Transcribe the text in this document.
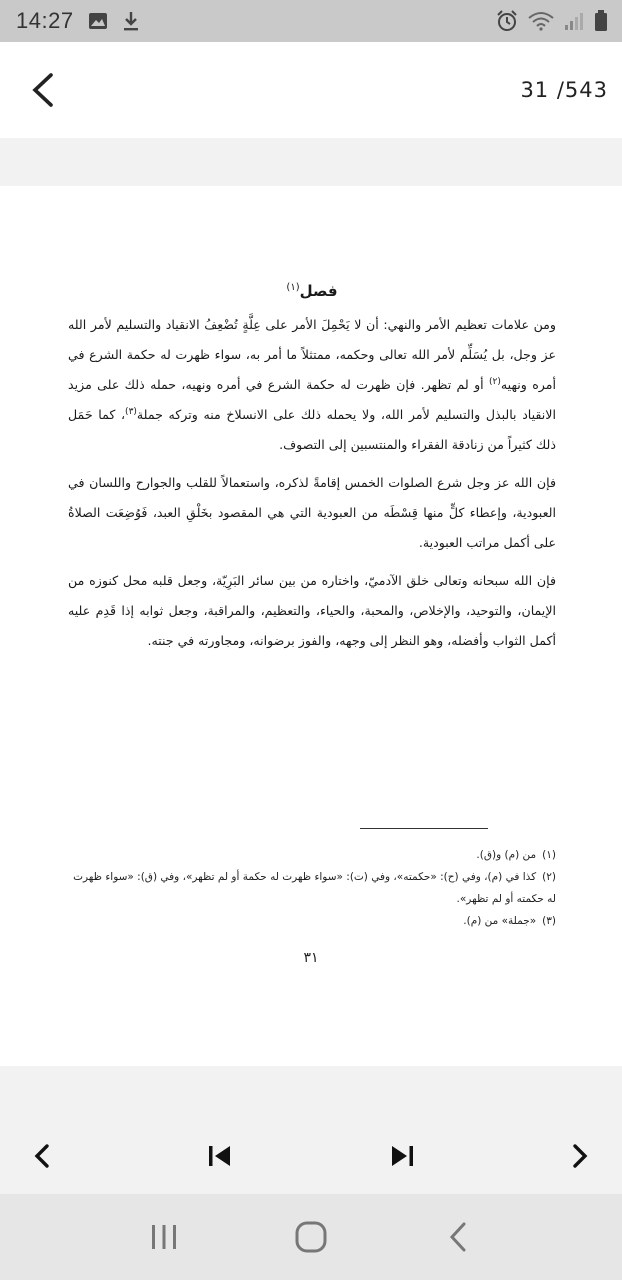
14:27
31 /543
فصل$^{(١)}$

ومن علامات تعظيم الأمر والنهي: أن لا يَحْمِلَ الأمر على عِلَّةٍ تُضْعِفُ الانقياد والتسليم لأمر الله عز وجل، بل يُسَلِّم لأمر الله تعالى وحكمه، ممتثلاً ما أمر به، سواء ظهرت له حكمة الشرع في أمره ونهيه$^{(٢)}$ أو لم تظهر. فإن ظهرت له حكمة الشرع في أمره ونهيه، حمله ذلك على مزيد الانقياد بالبذل والتسليم لأمر الله، ولا يحمله ذلك على الانسلاخ منه وتركه جملة$^{(٣)}$، كما حَمَل ذلك كثيراً من زنادقة الفقراء والمنتسبين إلى التصوف.

فإن الله عز وجل شرع الصلوات الخمس إقامةً لذكره، واستعمالاً للقلب والجوارح واللسان في العبودية، وإعطاء كلٍّ منها قِسْطَه من العبودية التي هي المقصود بخَلْقِ العبد، فَوُضِعَت الصلاةُ على أكمل مراتب العبودية.

فإن الله سبحانه وتعالى خلق الآدميّ، واختاره من بين سائر البَرِيّة، وجعل قلبه محل كنوزه من الإيمان، والتوحيد، والإخلاص، والمحبة، والحياء، والتعظيم، والمراقبة، وجعل ثوابه إذا قَدِم عليه أكمل الثواب وأفضله، وهو النظر إلى وجهه، والفوز برضوانه، ومجاورته في جنته.

(١)من (م) و(ق).
(٢)كذا في (م)، وفي (ح): «حكمته»، وفي (ت): «سواء ظهرت له حكمة أو لم تظهر»، وفي (ق): «سواء ظهرت له حكمته أو لم تظهر».
(٣)«جملة» من (م).
٣١
